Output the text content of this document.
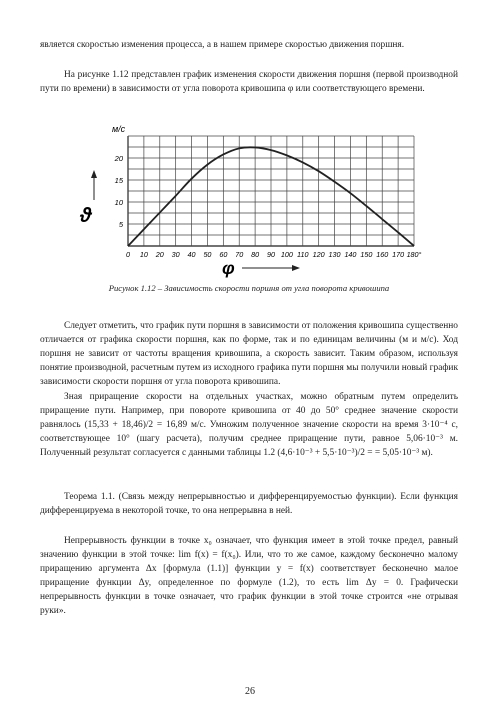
является скоростью изменения процесса, а в нашем примере скоростью движения поршня.

На рисунке 1.12 представлен график изменения скорости движения поршня (первой производной пути по времени) в зависимости от угла поворота кривошипа φ или соответствующего времени.

0 10 20 30 40 50 60 70 80 90 100 110 120 130 140 150 160 170 180°
5
10
15
20
м/с
ϑ
φ
Рисунок 1.12 – Зависимость скорости поршня от угла поворота кривошипа

Следует отметить, что график пути поршня в зависимости от положения кривошипа существенно отличается от графика скорости поршня, как по форме, так и по единицам величины (м и м/с). Ход поршня не зависит от частоты вращения кривошипа, а скорость зависит. Таким образом, используя понятие производной, расчетным путем из исходного графика пути поршня мы получили новый график зависимости скорости поршня от угла поворота кривошипа.

Зная приращение скорости на отдельных участках, можно обратным путем определить приращение пути. Например, при повороте кривошипа от 40 до 50° среднее значение скорости равнялось (15,33 + 18,46)/2 = 16,89 м/с. Умножим полученное значение скорости на время 3·10⁻⁴ с, соответствующее 10° (шагу расчета), получим среднее приращение пути, равное 5,06·10⁻³ м. Полученный результат согласуется с данными таблицы 1.2 (4,6·10⁻³ + 5,5·10⁻³)/2 = = 5,05·10⁻³ м).

Теорема 1.1. (Связь между непрерывностью и дифференцируемостью функции). Если функция дифференцируема в некоторой точке, то она непрерывна в ней.

Непрерывность функции в точке x₀ означает, что функция имеет в этой точке предел, равный значению функции в этой точке: lim f(x) = f(x₀). Или, что то же самое, каждому бесконечно малому приращению аргумента Δx [формула (1.1)] функции y = f(x) соответствует бесконечно малое приращение функции Δy, определенное по формуле (1.2), то есть lim Δy = 0. Графически непрерывность функции в точке означает, что график функции в этой точке строится «не отрывая руки».

26
